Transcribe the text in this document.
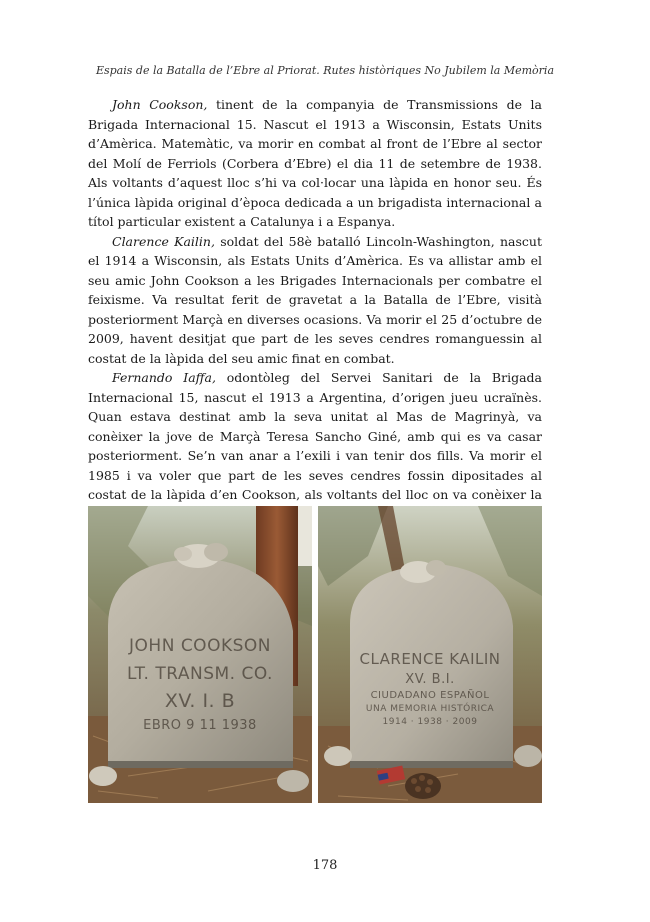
Espais de la Batalla de l’Ebre al Priorat. Rutes històriques No Jubilem la Memòria

John Cookson, tinent de la companyia de Transmissions de la Brigada Internacional 15. Nascut el 1913 a Wisconsin, Estats Units d’Amèrica. Matemàtic, va morir en combat al front de l’Ebre al sector del Molí de Ferriols (Corbera d’Ebre) el dia 11 de setembre de 1938. Als voltants d’aquest lloc s’hi va col·locar una làpida en honor seu. És l’única làpida original d’època dedicada a un brigadista internacional a títol particular existent a Catalunya i a Espanya.

Clarence Kailin, soldat del 58è batalló Lincoln-Washington, nascut el 1914 a Wisconsin, als Estats Units d’Amèrica. Es va allistar amb el seu amic John Cookson a les Brigades Internacionals per combatre el feixisme. Va resultat ferit de gravetat a la Batalla de l’Ebre, visità posteriorment Marçà en diverses ocasions. Va morir el 25 d’octubre de 2009, havent desitjat que part de les seves cendres romanguessin al costat de la làpida del seu amic finat en combat.

Fernando Iaffa, odontòleg del Servei Sanitari de la Brigada Internacional 15, nascut el 1913 a Argentina, d’origen jueu ucraïnès. Quan estava destinat amb la seva unitat al Mas de Magrinyà, va conèixer la jove de Marçà Teresa Sancho Giné, amb qui es va casar posteriorment. Se’n van anar a l’exili i van tenir dos fills. Va morir el 1985 i va voler que part de les seves cendres fossin dipositades al costat de la làpida d’en Cookson, als voltants del lloc on va conèixer la

JOHN COOKSON
LT. TRANSM. CO.
XV. I. B
EBRO 9 11 1938
CLARENCE KAILIN
XV. B.I.
CIUDADANO ESPAÑOL
UNA MEMORIA HISTÓRICA
1914 · 1938 · 2009
178
